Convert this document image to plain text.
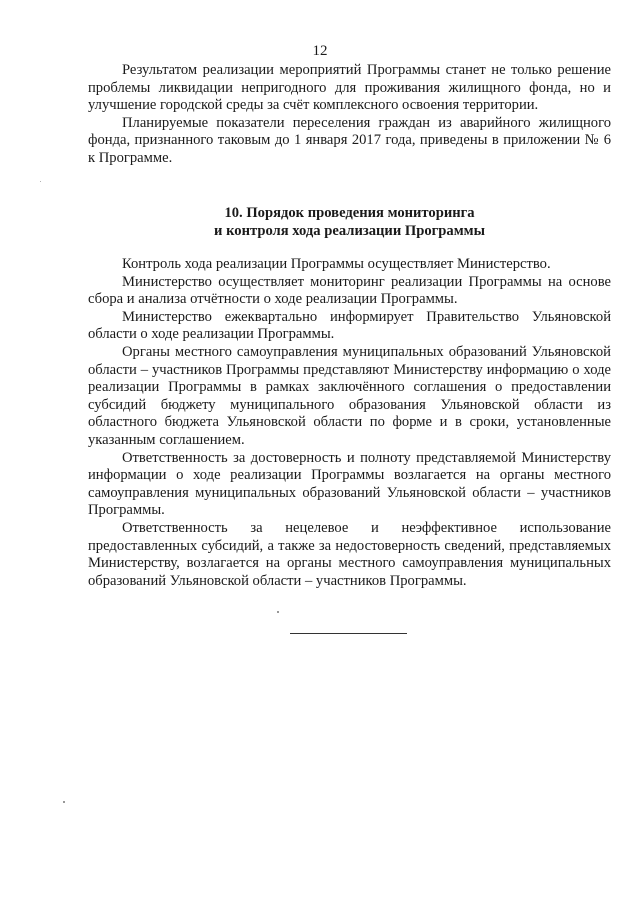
12

Результатом реализации мероприятий Программы станет не только решение проблемы ликвидации непригодного для проживания жилищного фонда, но и улучшение городской среды за счёт комплексного освоения территории.

Планируемые показатели переселения граждан из аварийного жилищного фонда, признанного таковым до 1 января 2017 года, приведены в приложении № 6 к Программе.

10. Порядок проведения мониторинга
и контроля хода реализации Программы

Контроль хода реализации Программы осуществляет Министерство.

Министерство осуществляет мониторинг реализации Программы на основе сбора и анализа отчётности о ходе реализации Программы.

Министерство ежеквартально информирует Правительство Ульяновской области о ходе реализации Программы.

Органы местного самоуправления муниципальных образований Ульяновской области – участников Программы представляют Министерству информацию о ходе реализации Программы в рамках заключённого соглашения о предоставлении субсидий бюджету муниципального образования Ульяновской области из областного бюджета Ульяновской области по форме и в сроки, установленные указанным соглашением.

Ответственность за достоверность и полноту представляемой Министерству информации о ходе реализации Программы возлагается на органы местного самоуправления муниципальных образований Ульяновской области – участников Программы.

Ответственность за нецелевое и неэффективное использование предоставленных субсидий, а также за недостоверность сведений, представляемых Министерству, возлагается на органы местного самоуправления муниципальных образований Ульяновской области – участников Программы.
